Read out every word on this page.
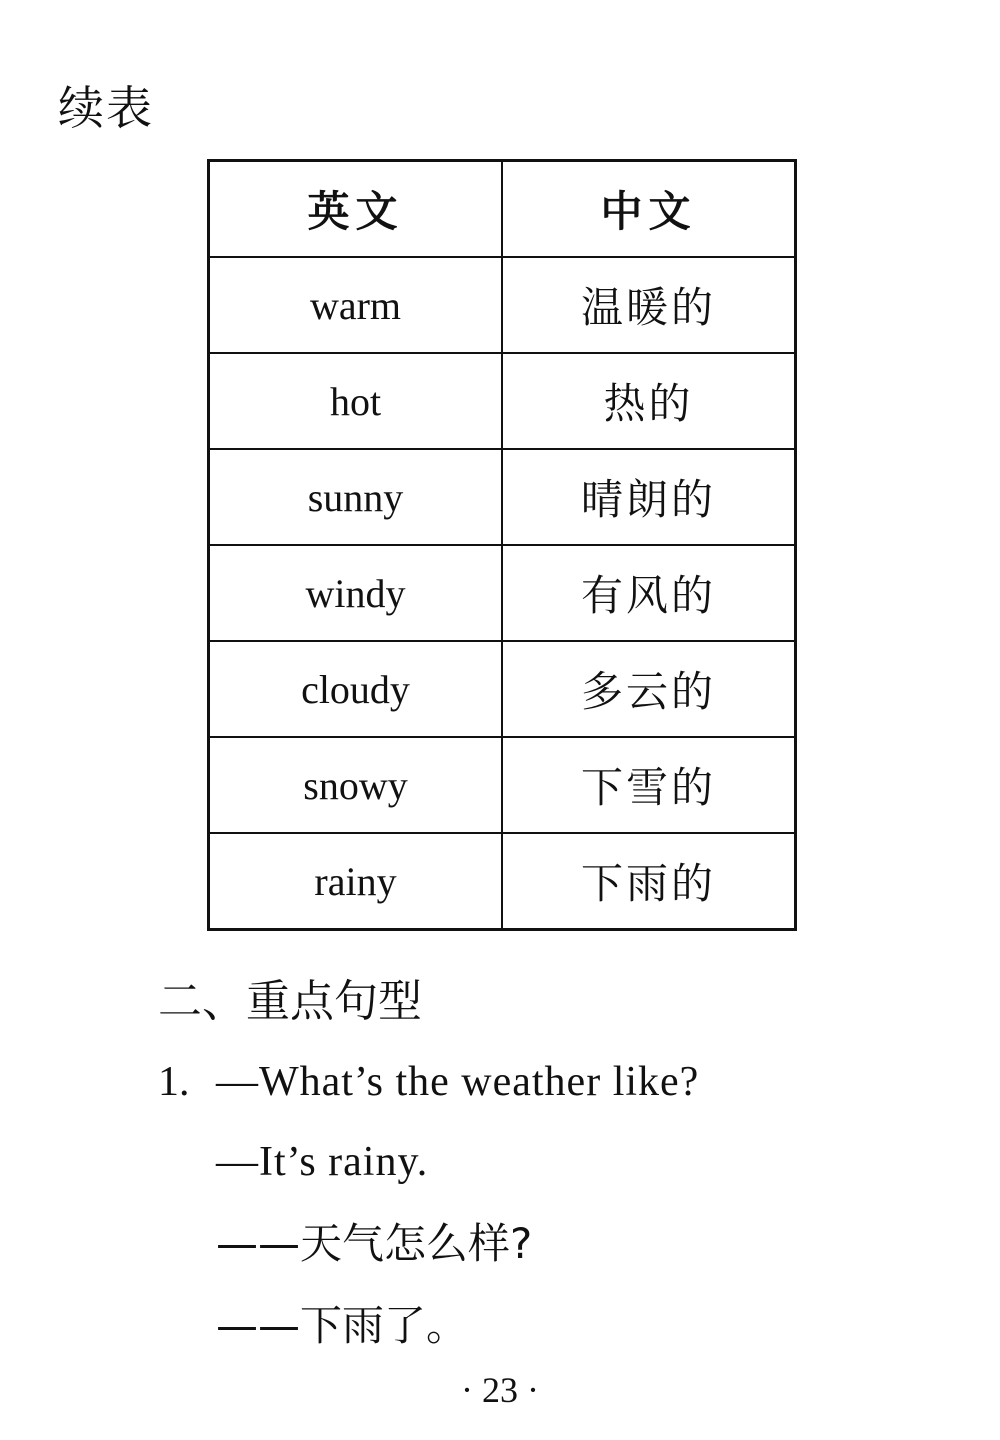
续表
英文	中文
warm	温暖的
hot	热的
sunny	晴朗的
windy	有风的
cloudy	多云的
snowy	下雪的
rainy	下雨的
二、重点句型
1. —What’s the weather like?
—It’s rainy.
——天气怎么样?
——下雨了。
· 23 ·
